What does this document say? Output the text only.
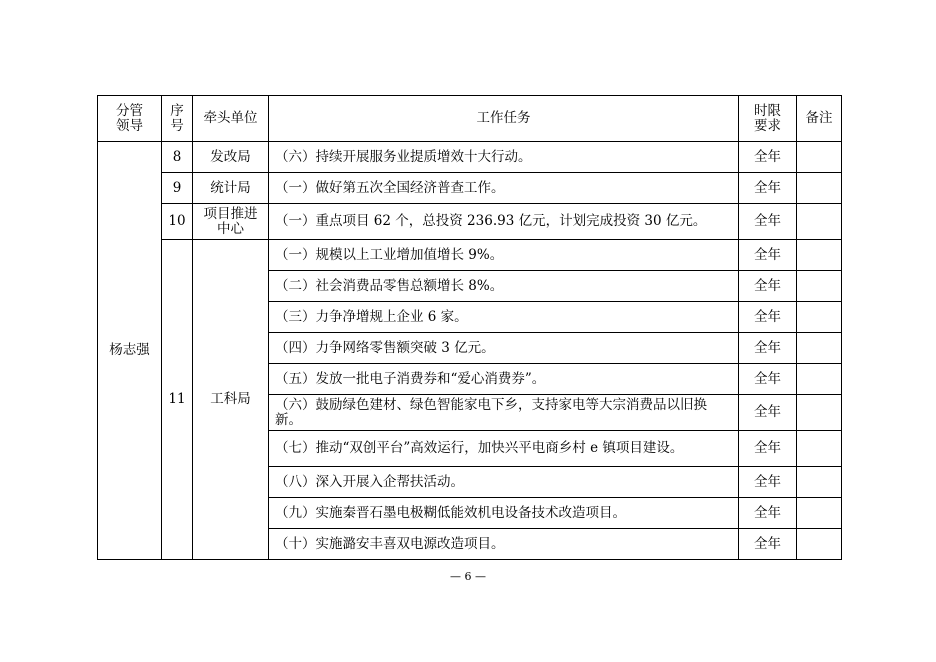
分管领导	序号	牵头单位	工作任务	时限要求	备注
杨志强	8	发改局	（六）持续开展服务业提质增效十大行动。	全年	
	9	统计局	（一）做好第五次全国经济普查工作。	全年	
	10	项目推进中心	（一）重点项目 62 个，总投资 236.93 亿元，计划完成投资 30 亿元。	全年	
	11	工科局	（一）规模以上工业增加值增长 9%。	全年	
			（二）社会消费品零售总额增长 8%。	全年	
			（三）力争净增规上企业 6 家。	全年	
			（四）力争网络零售额突破 3 亿元。	全年	
			（五）发放一批电子消费券和“爱心消费券”。	全年	
			（六）鼓励绿色建材、绿色智能家电下乡，支持家电等大宗消费品以旧换新。	全年	
			（七）推动“双创平台”高效运行，加快兴平电商乡村 e 镇项目建设。	全年	
			（八）深入开展入企帮扶活动。	全年	
			（九）实施秦晋石墨电极糊低能效机电设备技术改造项目。	全年	
			（十）实施潞安丰喜双电源改造项目。	全年	
— 6 —
